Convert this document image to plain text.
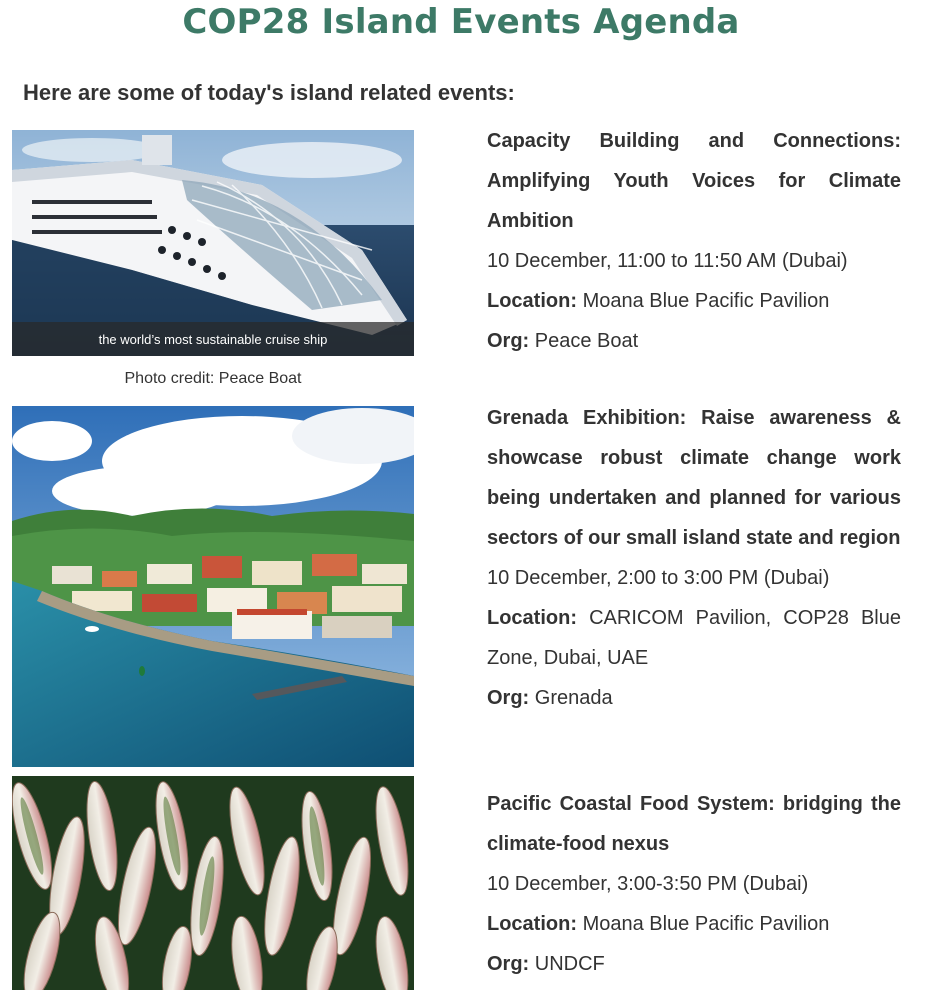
COP28 Island Events Agenda
Here are some of today's island related events:
the world’s most sustainable cruise ship
Photo credit: Peace Boat
Capacity Building and Connections: Amplifying Youth Voices for Climate Ambition
10 December, 11:00 to 11:50 AM (Dubai)
Location: Moana Blue Pacific Pavilion
Org: Peace Boat
Grenada Exhibition: Raise awareness & showcase robust climate change work being undertaken and planned for various sectors of our small island state and region
10 December, 2:00 to 3:00 PM (Dubai)
Location: CARICOM Pavilion, COP28 Blue Zone, Dubai, UAE
Org: Grenada
Pacific Coastal Food System: bridging the climate-food nexus
10 December, 3:00-3:50 PM (Dubai)
Location: Moana Blue Pacific Pavilion
Org: UNDCF
